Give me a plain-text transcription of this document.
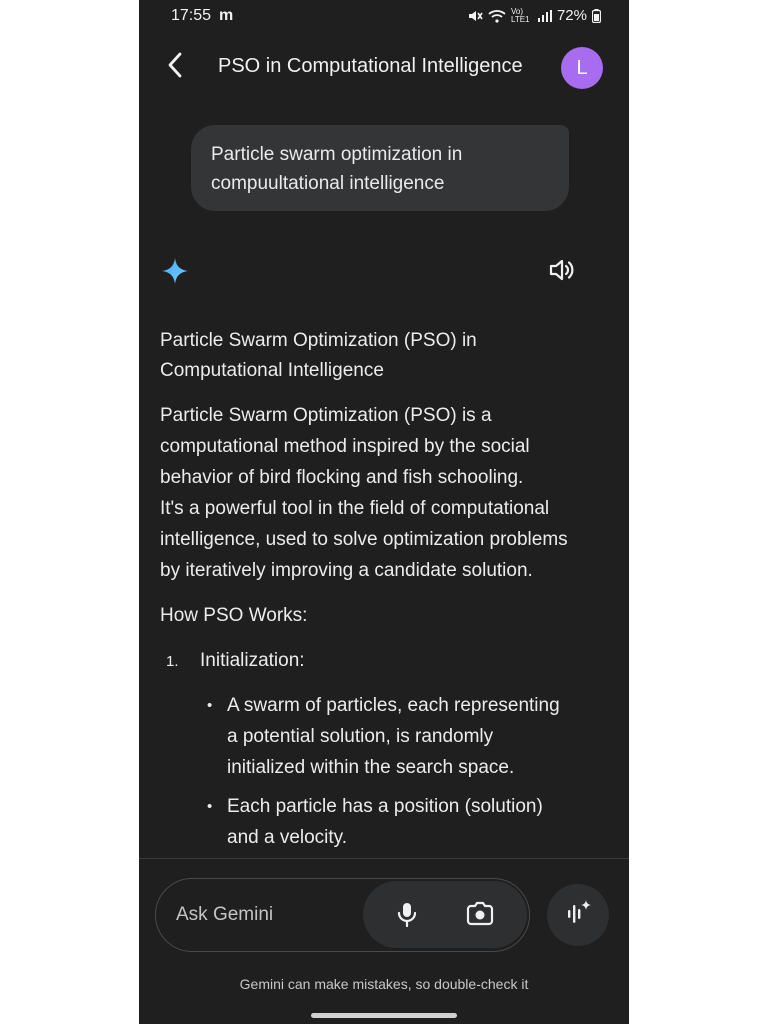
17:55 m	Vo) LTE1 72%
PSO in Computational Intelligence	L
Particle swarm optimization in
compuultational intelligence

Particle Swarm Optimization (PSO) in
Computational Intelligence

Particle Swarm Optimization (PSO) is a
computational method inspired by the social
behavior of bird flocking and fish schooling.
It's a powerful tool in the field of computational
intelligence, used to solve optimization problems
by iteratively improving a candidate solution.

How PSO Works:

1.	Initialization:
• A swarm of particles, each representing
a potential solution, is randomly
initialized within the search space.
• Each particle has a position (solution)
and a velocity.
Ask Gemini
Gemini can make mistakes, so double-check it
